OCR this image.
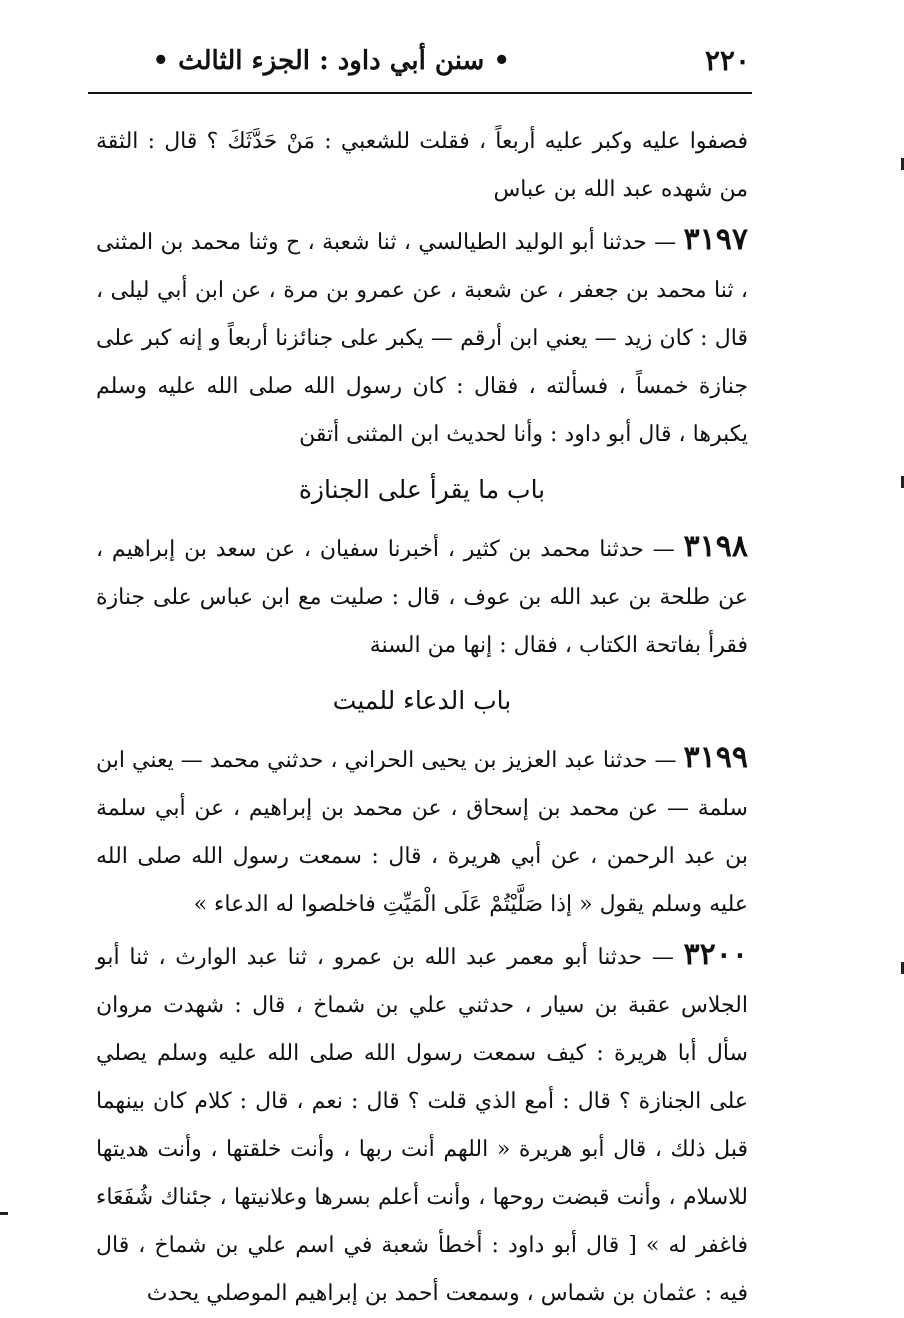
٢٢٠
• سنن أبي داود : الجزء الثالث •

فصفوا عليه وكبر عليه أربعاً ، فقلت للشعبي : مَنْ حَدَّثَكَ ؟ قال : الثقة من شهده عبد الله بن عباس

٣١٩٧ — حدثنا أبو الوليد الطيالسي ، ثنا شعبة ، ح وثنا محمد بن المثنى ، ثنا محمد بن جعفر ، عن شعبة ، عن عمرو بن مرة ، عن ابن أبي ليلى ، قال : كان زيد — يعني ابن أرقم — يكبر على جنائزنا أربعاً و إنه كبر على جنازة خمساً ، فسألته ، فقال : كان رسول الله صلى الله عليه وسلم يكبرها ، قال أبو داود : وأنا لحديث ابن المثنى أتقن

باب ما يقرأ على الجنازة

٣١٩٨ — حدثنا محمد بن كثير ، أخبرنا سفيان ، عن سعد بن إبراهيم ، عن طلحة بن عبد الله بن عوف ، قال : صليت مع ابن عباس على جنازة فقرأ بفاتحة الكتاب ، فقال : إنها من السنة

باب الدعاء للميت

٣١٩٩ — حدثنا عبد العزيز بن يحيى الحراني ، حدثني محمد — يعني ابن سلمة — عن محمد بن إسحاق ، عن محمد بن إبراهيم ، عن أبي سلمة بن عبد الرحمن ، عن أبي هريرة ، قال : سمعت رسول الله صلى الله عليه وسلم يقول « إذا صَلَّيْتُمْ عَلَى الْمَيِّتِ فاخلصوا له الدعاء »

٣٢٠٠ — حدثنا أبو معمر عبد الله بن عمرو ، ثنا عبد الوارث ، ثنا أبو الجلاس عقبة بن سيار ، حدثني علي بن شماخ ، قال : شهدت مروان سأل أبا هريرة : كيف سمعت رسول الله صلى الله عليه وسلم يصلي على الجنازة ؟ قال : أمع الذي قلت ؟ قال : نعم ، قال : كلام كان بينهما قبل ذلك ، قال أبو هريرة « اللهم أنت ربها ، وأنت خلقتها ، وأنت هديتها للاسلام ، وأنت قبضت روحها ، وأنت أعلم بسرها وعلانيتها ، جئناك شُفَعَاء فاغفر له » [ قال أبو داود : أخطأ شعبة في اسم علي بن شماخ ، قال فيه : عثمان بن شماس ، وسمعت أحمد بن إبراهيم الموصلي يحدث
